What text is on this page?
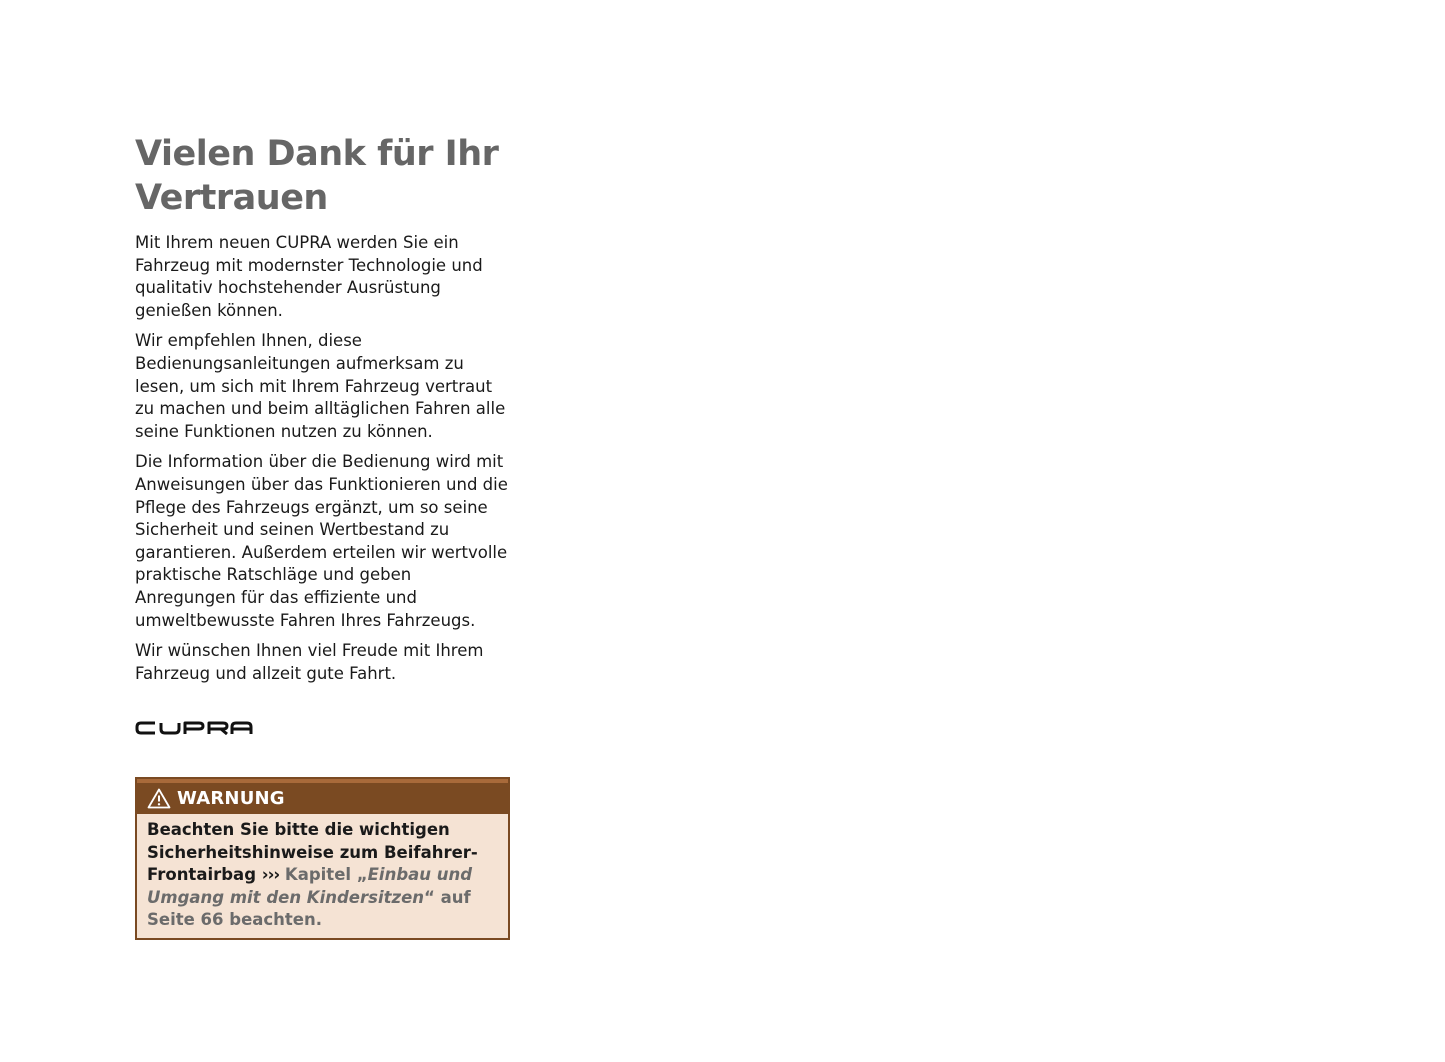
Vielen Dank für Ihr
Vertrauen

Mit Ihrem neuen CUPRA werden Sie ein Fahrzeug mit modernster Technologie und qualitativ hochstehender Ausrüstung genießen können.

Wir empfehlen Ihnen, diese Bedienungsanleitungen aufmerksam zu lesen, um sich mit Ihrem Fahrzeug vertraut zu machen und beim alltäglichen Fahren alle seine Funktionen nutzen zu können.

Die Information über die Bedienung wird mit Anweisungen über das Funktionieren und die Pflege des Fahrzeugs ergänzt, um so seine Sicherheit und seinen Wertbestand zu garantieren. Außerdem erteilen wir wertvolle praktische Ratschläge und geben Anregungen für das effiziente und umweltbewusste Fahren Ihres Fahrzeugs.

Wir wünschen Ihnen viel Freude mit Ihrem Fahrzeug und allzeit gute Fahrt.

WARNUNG
Beachten Sie bitte die wichtigen Sicherheitshinweise zum Beifahrer-Frontairbag ››› Kapitel „Einbau und Umgang mit den Kindersitzen“ auf Seite 66 beachten.
